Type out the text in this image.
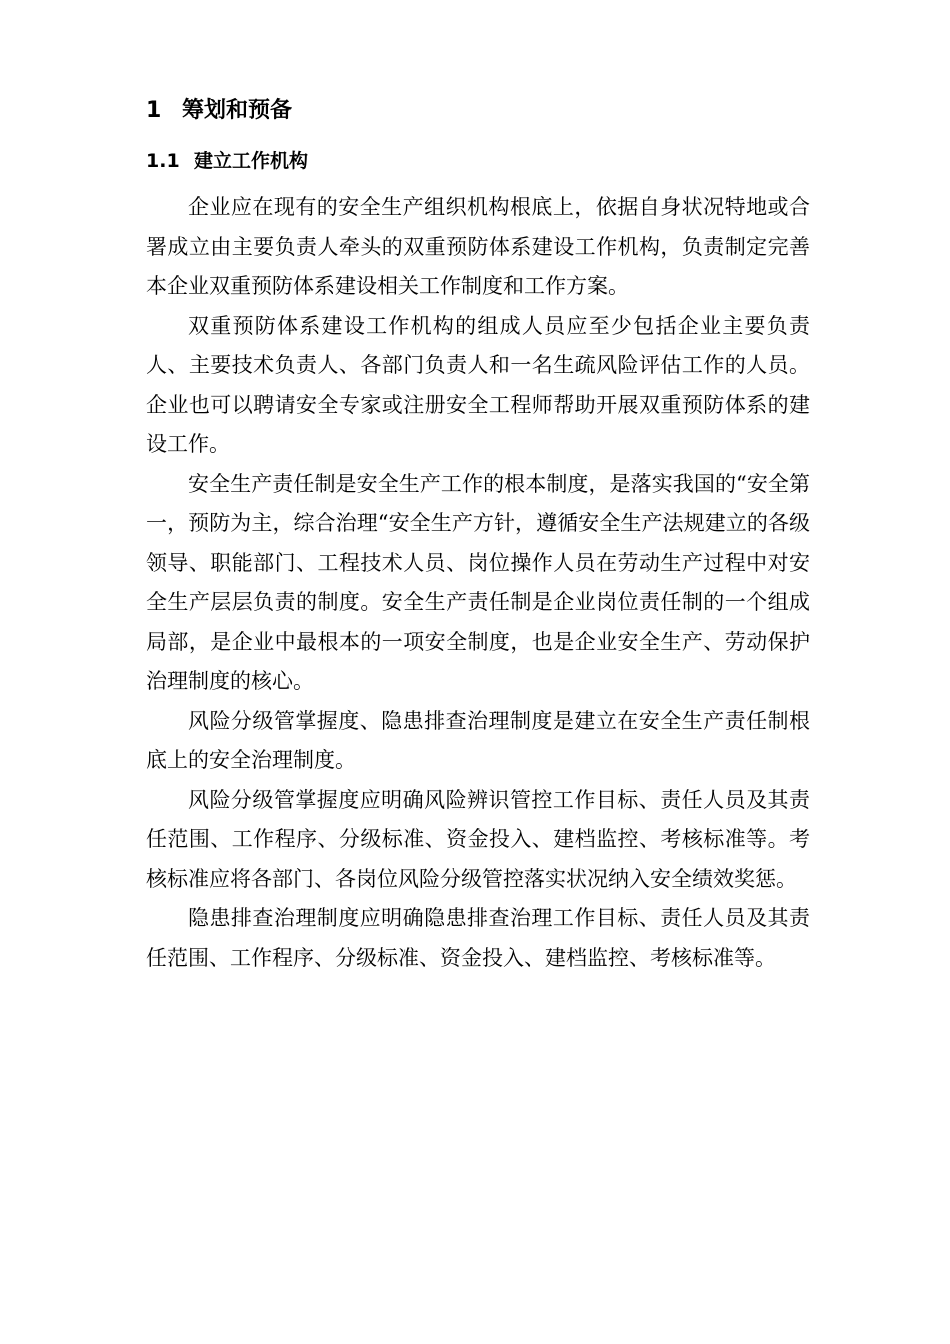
1 筹划和预备
1.1 建立工作机构

企业应在现有的安全生产组织机构根底上，依据自身状况特地或合署成立由主要负责人牵头的双重预防体系建设工作机构，负责制定完善本企业双重预防体系建设相关工作制度和工作方案。

双重预防体系建设工作机构的组成人员应至少包括企业主要负责人、主要技术负责人、各部门负责人和一名生疏风险评估工作的人员。企业也可以聘请安全专家或注册安全工程师帮助开展双重预防体系的建设工作。

安全生产责任制是安全生产工作的根本制度，是落实我国的“安全第一，预防为主，综合治理“安全生产方针，遵循安全生产法规建立的各级领导、职能部门、工程技术人员、岗位操作人员在劳动生产过程中对安全生产层层负责的制度。安全生产责任制是企业岗位责任制的一个组成局部，是企业中最根本的一项安全制度，也是企业安全生产、劳动保护治理制度的核心。

风险分级管掌握度、隐患排查治理制度是建立在安全生产责任制根底上的安全治理制度。

风险分级管掌握度应明确风险辨识管控工作目标、责任人员及其责任范围、工作程序、分级标准、资金投入、建档监控、考核标准等。考核标准应将各部门、各岗位风险分级管控落实状况纳入安全绩效奖惩。

隐患排查治理制度应明确隐患排查治理工作目标、责任人员及其责任范围、工作程序、分级标准、资金投入、建档监控、考核标准等。
